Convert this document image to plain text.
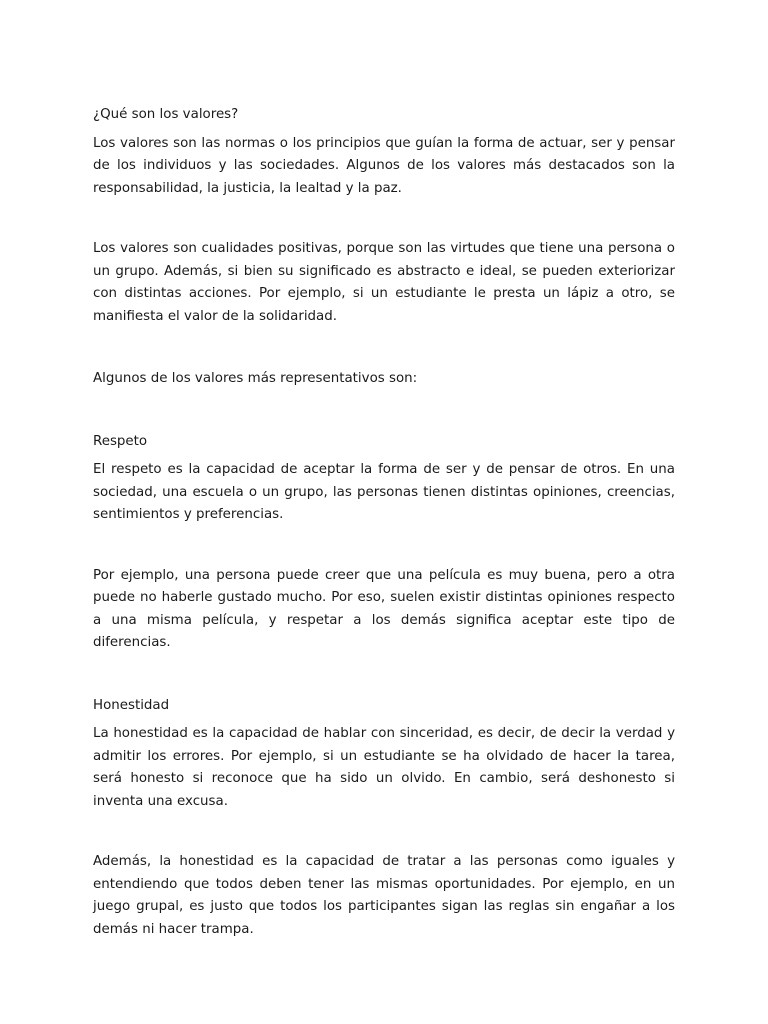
¿Qué son los valores?

Los valores son las normas o los principios que guían la forma de actuar, ser y pensar de los individuos y las sociedades. Algunos de los valores más destacados son la responsabilidad, la justicia, la lealtad y la paz.

Los valores son cualidades positivas, porque son las virtudes que tiene una persona o un grupo. Además, si bien su significado es abstracto e ideal, se pueden exteriorizar con distintas acciones. Por ejemplo, si un estudiante le presta un lápiz a otro, se manifiesta el valor de la solidaridad.

Algunos de los valores más representativos son:

Respeto

El respeto es la capacidad de aceptar la forma de ser y de pensar de otros. En una sociedad, una escuela o un grupo, las personas tienen distintas opiniones, creencias, sentimientos y preferencias.

Por ejemplo, una persona puede creer que una película es muy buena, pero a otra puede no haberle gustado mucho. Por eso, suelen existir distintas opiniones respecto a una misma película, y respetar a los demás significa aceptar este tipo de diferencias.

Honestidad

La honestidad es la capacidad de hablar con sinceridad, es decir, de decir la verdad y admitir los errores. Por ejemplo, si un estudiante se ha olvidado de hacer la tarea, será honesto si reconoce que ha sido un olvido. En cambio, será deshonesto si inventa una excusa.

Además, la honestidad es la capacidad de tratar a las personas como iguales y entendiendo que todos deben tener las mismas oportunidades. Por ejemplo, en un juego grupal, es justo que todos los participantes sigan las reglas sin engañar a los demás ni hacer trampa.
